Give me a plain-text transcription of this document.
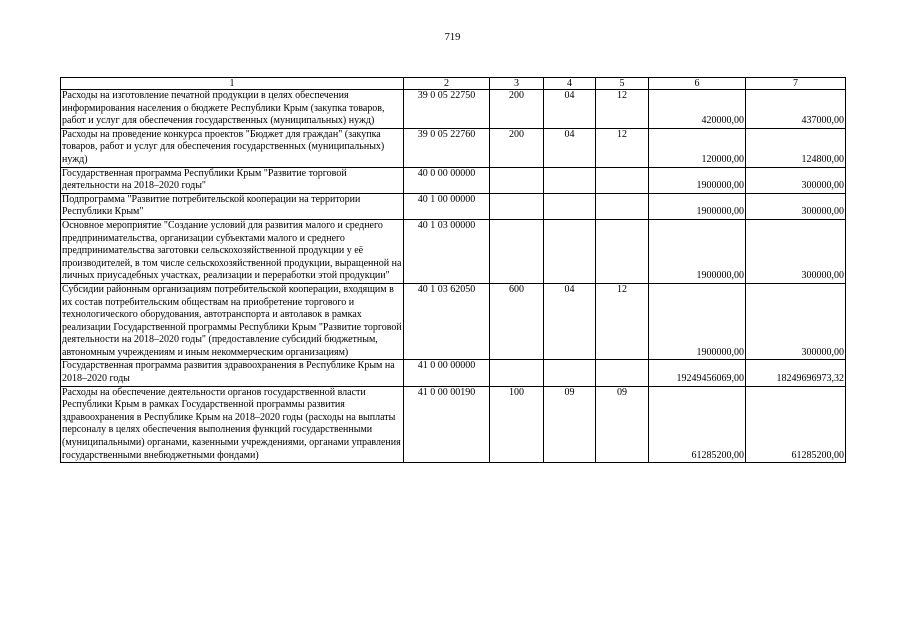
719
1	2	3	4	5	6	7
Расходы на изготовление печатной продукции в целях обеспечения информирования населения о бюджете Республики Крым (закупка товаров, работ и услуг для обеспечения государственных (муниципальных) нужд)	39 0 05 22750	200	04	12	420000,00	437000,00
Расходы на проведение конкурса проектов "Бюджет для граждан" (закупка товаров, работ и услуг для обеспечения государственных (муниципальных) нужд)	39 0 05 22760	200	04	12	120000,00	124800,00
Государственная программа Республики Крым "Развитие торговой деятельности на 2018–2020 годы"	40 0 00 00000				1900000,00	300000,00
Подпрограмма "Развитие потребительской кооперации на территории Республики Крым"	40 1 00 00000				1900000,00	300000,00
Основное мероприятие "Создание условий для развития малого и среднего предпринимательства, организации субъектами малого и среднего предпринимательства заготовки сельскохозяйственной продукции у её производителей, в том числе сельскохозяйственной продукции, выращенной на личных приусадебных участках, реализации и переработки этой продукции"	40 1 03 00000				1900000,00	300000,00
Субсидии районным организациям потребительской кооперации, входящим в их состав потребительским обществам на приобретение торгового и технологического оборудования, автотранспорта и автолавок в рамках реализации Государственной программы Республики Крым "Развитие торговой деятельности на 2018–2020 годы" (предоставление субсидий бюджетным, автономным учреждениям и иным некоммерческим организациям)	40 1 03 62050	600	04	12	1900000,00	300000,00
Государственная программа развития здравоохранения в Республике Крым на 2018–2020 годы	41 0 00 00000				19249456069,00	18249696973,32
Расходы на обеспечение деятельности органов государственной власти Республики Крым в рамках Государственной программы развития здравоохранения в Республике Крым на 2018–2020 годы (расходы на выплаты персоналу в целях обеспечения выполнения функций государственными (муниципальными) органами, казенными учреждениями, органами управления государственными внебюджетными фондами)	41 0 00 00190	100	09	09	61285200,00	61285200,00
